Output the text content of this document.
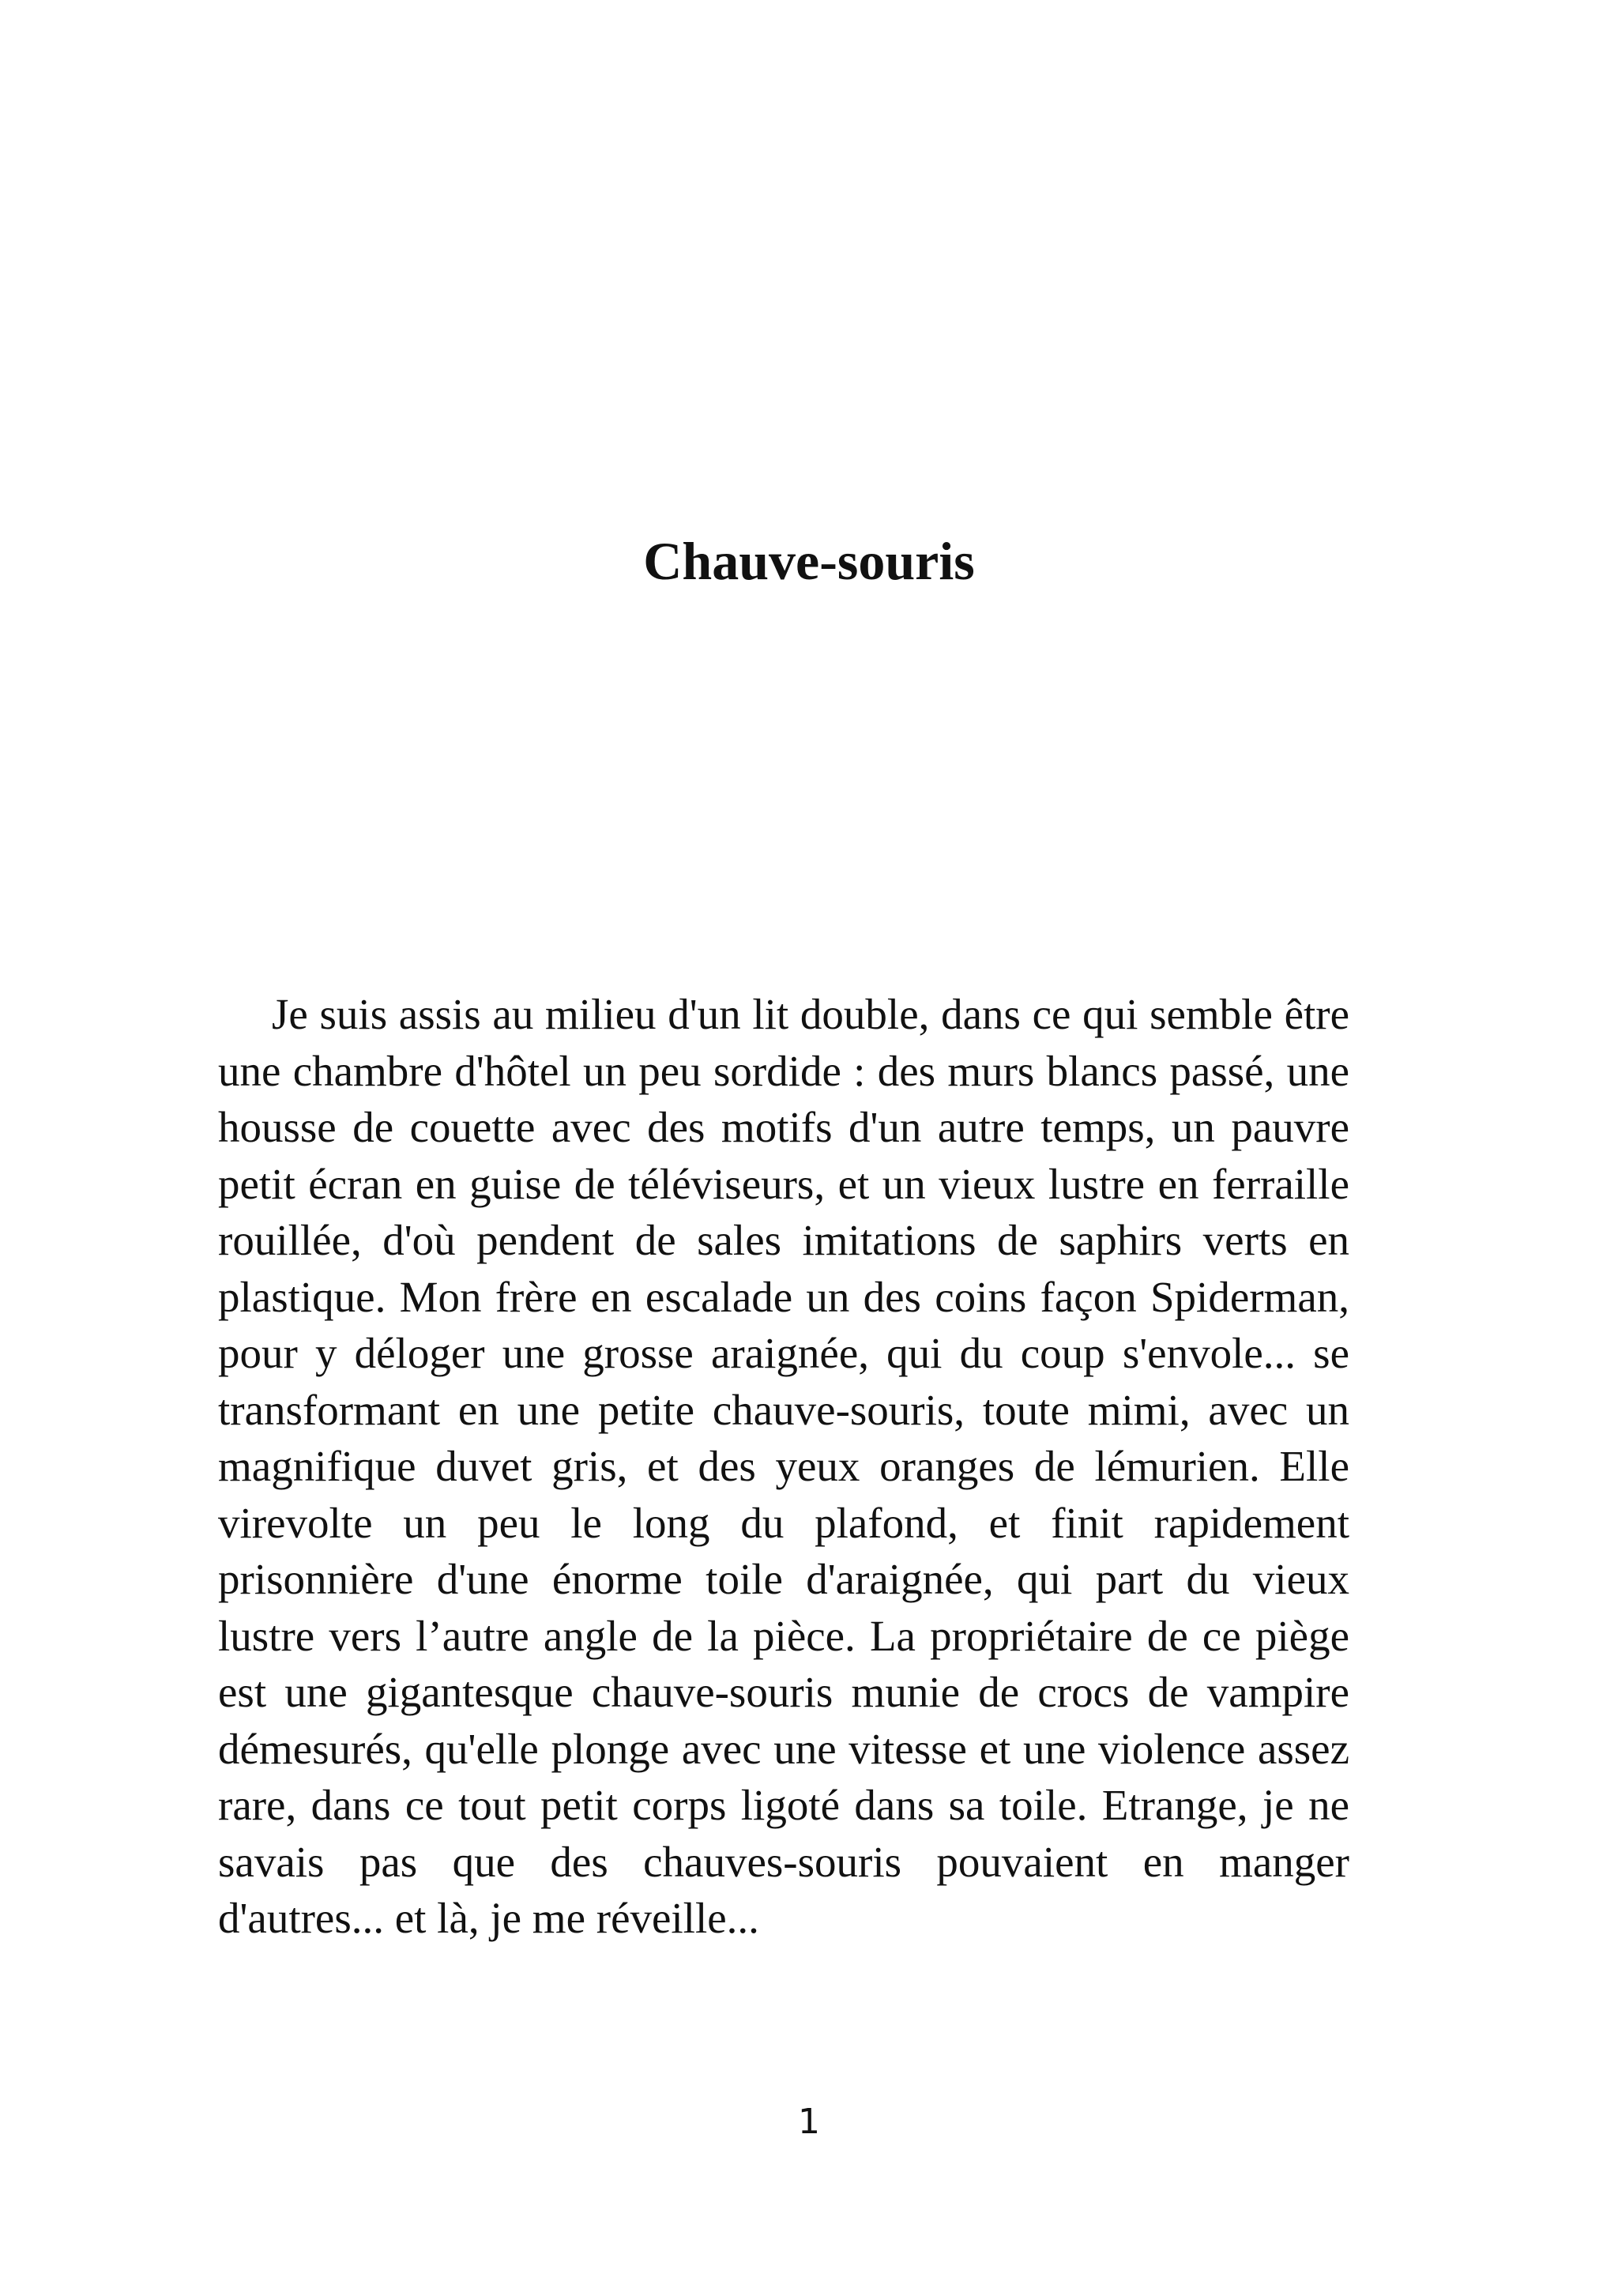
Chauve-souris

Je suis assis au milieu d'un lit double, dans ce qui semble être une chambre d'hôtel un peu sordide : des murs blancs passé, une housse de couette avec des motifs d'un autre temps, un pauvre petit écran en guise de téléviseurs, et un vieux lustre en ferraille rouillée, d'où pendent de sales imitations de saphirs verts en plastique. Mon frère en escalade un des coins façon Spiderman, pour y déloger une grosse araignée, qui du coup s'envole... se transformant en une petite chauve-souris, toute mimi, avec un magnifique duvet gris, et des yeux oranges de lémurien. Elle virevolte un peu le long du plafond, et finit rapidement prisonnière d'une énorme toile d'araignée, qui part du vieux lustre vers l’autre angle de la pièce. La propriétaire de ce piège est une gigantesque chauve-souris munie de crocs de vampire démesurés, qu'elle plonge avec une vitesse et une violence assez rare, dans ce tout petit corps ligoté dans sa toile. Etrange, je ne savais pas que des chauves-souris pouvaient en manger d'autres... et là, je me réveille...

1
